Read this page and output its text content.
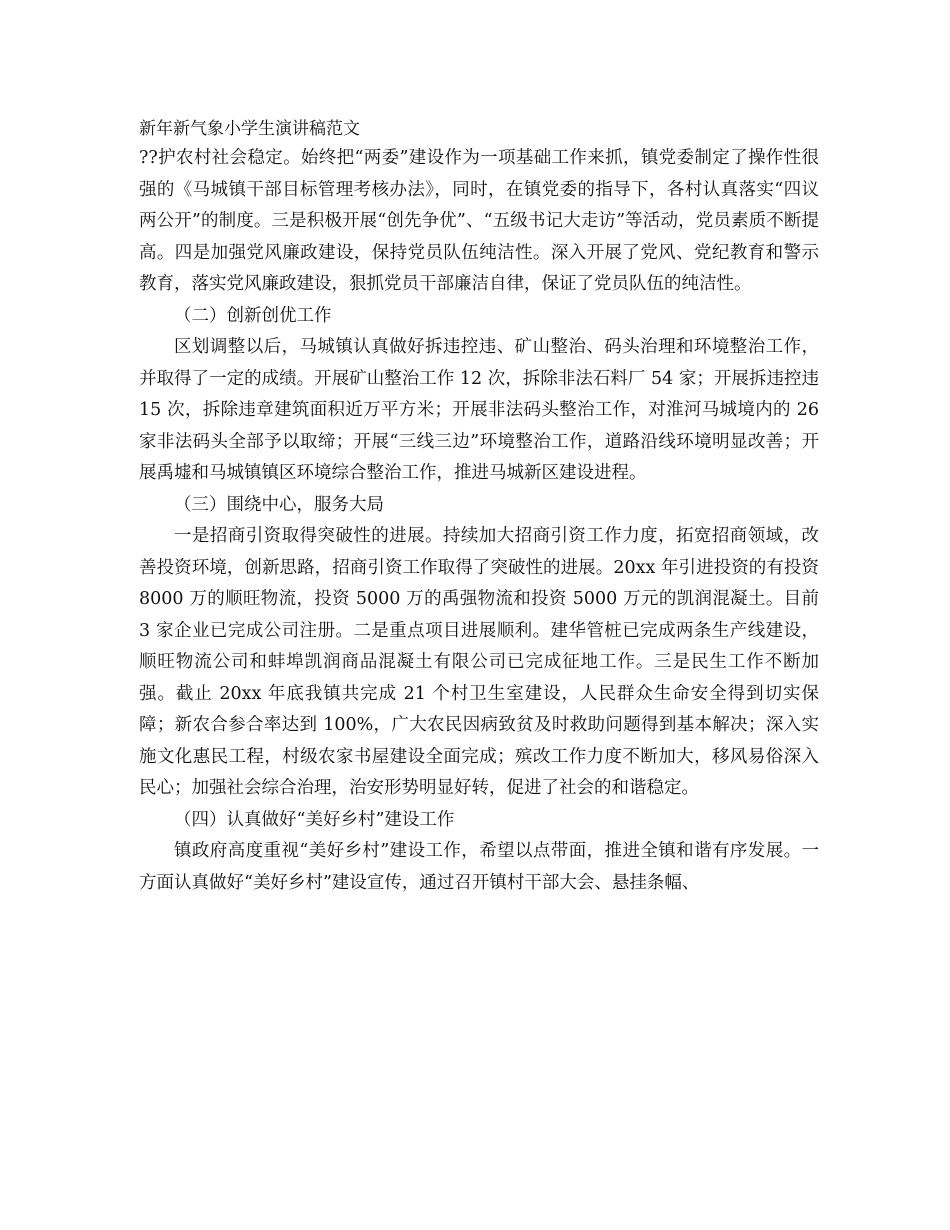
新年新气象小学生演讲稿范文

??护农村社会稳定。始终把“两委”建设作为一项基础工作来抓，镇党委制定了操作性很强的《马城镇干部目标管理考核办法》，同时，在镇党委的指导下，各村认真落实“四议两公开”的制度。三是积极开展“创先争优”、“五级书记大走访”等活动，党员素质不断提高。四是加强党风廉政建设，保持党员队伍纯洁性。深入开展了党风、党纪教育和警示教育，落实党风廉政建设，狠抓党员干部廉洁自律，保证了党员队伍的纯洁性。

（二）创新创优工作

区划调整以后，马城镇认真做好拆违控违、矿山整治、码头治理和环境整治工作，并取得了一定的成绩。开展矿山整治工作 12 次，拆除非法石料厂 54 家；开展拆违控违 15 次，拆除违章建筑面积近万平方米；开展非法码头整治工作，对淮河马城境内的 26 家非法码头全部予以取缔；开展“三线三边”环境整治工作，道路沿线环境明显改善；开展禹墟和马城镇镇区环境综合整治工作，推进马城新区建设进程。

（三）围绕中心，服务大局

一是招商引资取得突破性的进展。持续加大招商引资工作力度，拓宽招商领域，改善投资环境，创新思路，招商引资工作取得了突破性的进展。20xx 年引进投资的有投资 8000 万的顺旺物流，投资 5000 万的禹强物流和投资 5000 万元的凯润混凝土。目前 3 家企业已完成公司注册。二是重点项目进展顺利。建华管桩已完成两条生产线建设，顺旺物流公司和蚌埠凯润商品混凝土有限公司已完成征地工作。三是民生工作不断加强。截止 20xx 年底我镇共完成 21 个村卫生室建设，人民群众生命安全得到切实保障；新农合参合率达到 100%，广大农民因病致贫及时救助问题得到基本解决；深入实施文化惠民工程，村级农家书屋建设全面完成；殡改工作力度不断加大，移风易俗深入民心；加强社会综合治理，治安形势明显好转，促进了社会的和谐稳定。

（四）认真做好“美好乡村”建设工作

镇政府高度重视“美好乡村”建设工作，希望以点带面，推进全镇和谐有序发展。一方面认真做好“美好乡村”建设宣传，通过召开镇村干部大会、悬挂条幅、
